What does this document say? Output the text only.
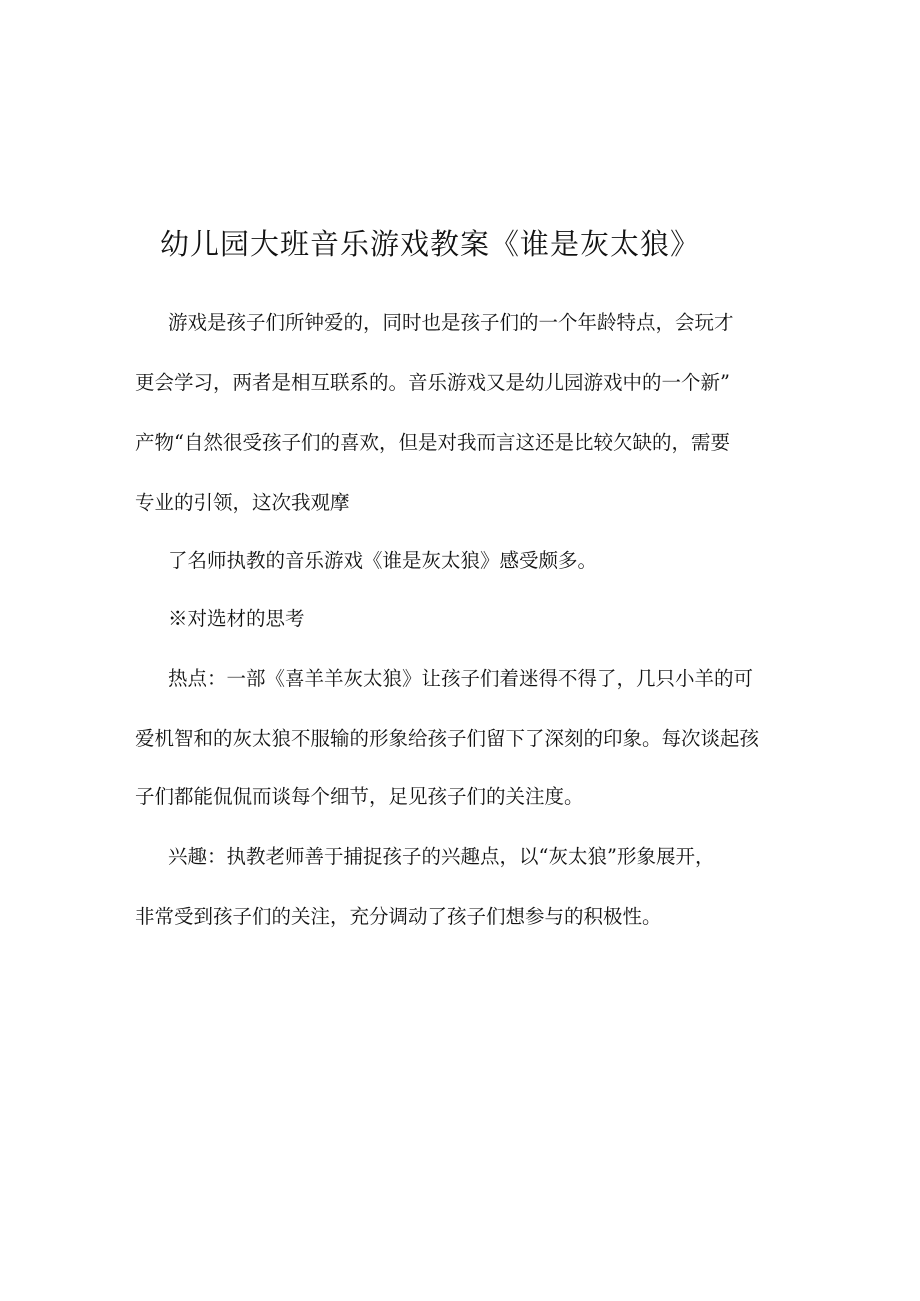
幼儿园大班音乐游戏教案《谁是灰太狼》

游戏是孩子们所钟爱的，同时也是孩子们的一个年龄特点，会玩才

更会学习，两者是相互联系的。音乐游戏又是幼儿园游戏中的一个新”

产物“自然很受孩子们的喜欢，但是对我而言这还是比较欠缺的，需要

专业的引领，这次我观摩

了名师执教的音乐游戏《谁是灰太狼》感受颇多。

※对选材的思考

热点：一部《喜羊羊灰太狼》让孩子们着迷得不得了，几只小羊的可

爱机智和的灰太狼不服输的形象给孩子们留下了深刻的印象。每次谈起孩

子们都能侃侃而谈每个细节，足见孩子们的关注度。

兴趣：执教老师善于捕捉孩子的兴趣点，以“灰太狼”形象展开，

非常受到孩子们的关注，充分调动了孩子们想参与的积极性。
